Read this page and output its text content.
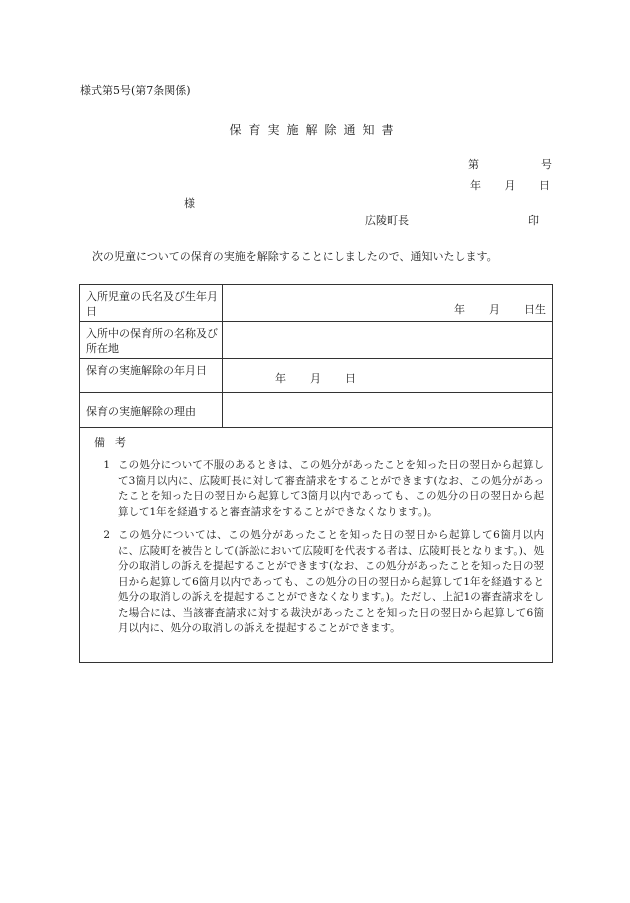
様式第5号(第7条関係)
保育実施解除通知書
第	号
年 月 日
様
広陵町長	印
次の児童についての保育の実施を解除することにしましたので、通知いたします。
入所児童の氏名及び生年月日	年 月 日生

入所中の保育所の名称及び所在地	
保育の実施解除の年月日	年 月 日

保育の実施解除の理由	

備考
1 この処分について不服のあるときは、この処分があったことを知った日の翌日から起算して3箇月以内に、広陵町長に対して審査請求をすることができます(なお、この処分があったことを知った日の翌日から起算して3箇月以内であっても、この処分の日の翌日から起算して1年を経過すると審査請求をすることができなくなります。)。
2 この処分については、この処分があったことを知った日の翌日から起算して6箇月以内に、広陵町を被告として(訴訟において広陵町を代表する者は、広陵町長となります。)、処分の取消しの訴えを提起することができます(なお、この処分があったことを知った日の翌日から起算して6箇月以内であっても、この処分の日の翌日から起算して1年を経過すると処分の取消しの訴えを提起することができなくなります。)。ただし、上記1の審査請求をした場合には、当該審査請求に対する裁決があったことを知った日の翌日から起算して6箇月以内に、処分の取消しの訴えを提起することができます。	
